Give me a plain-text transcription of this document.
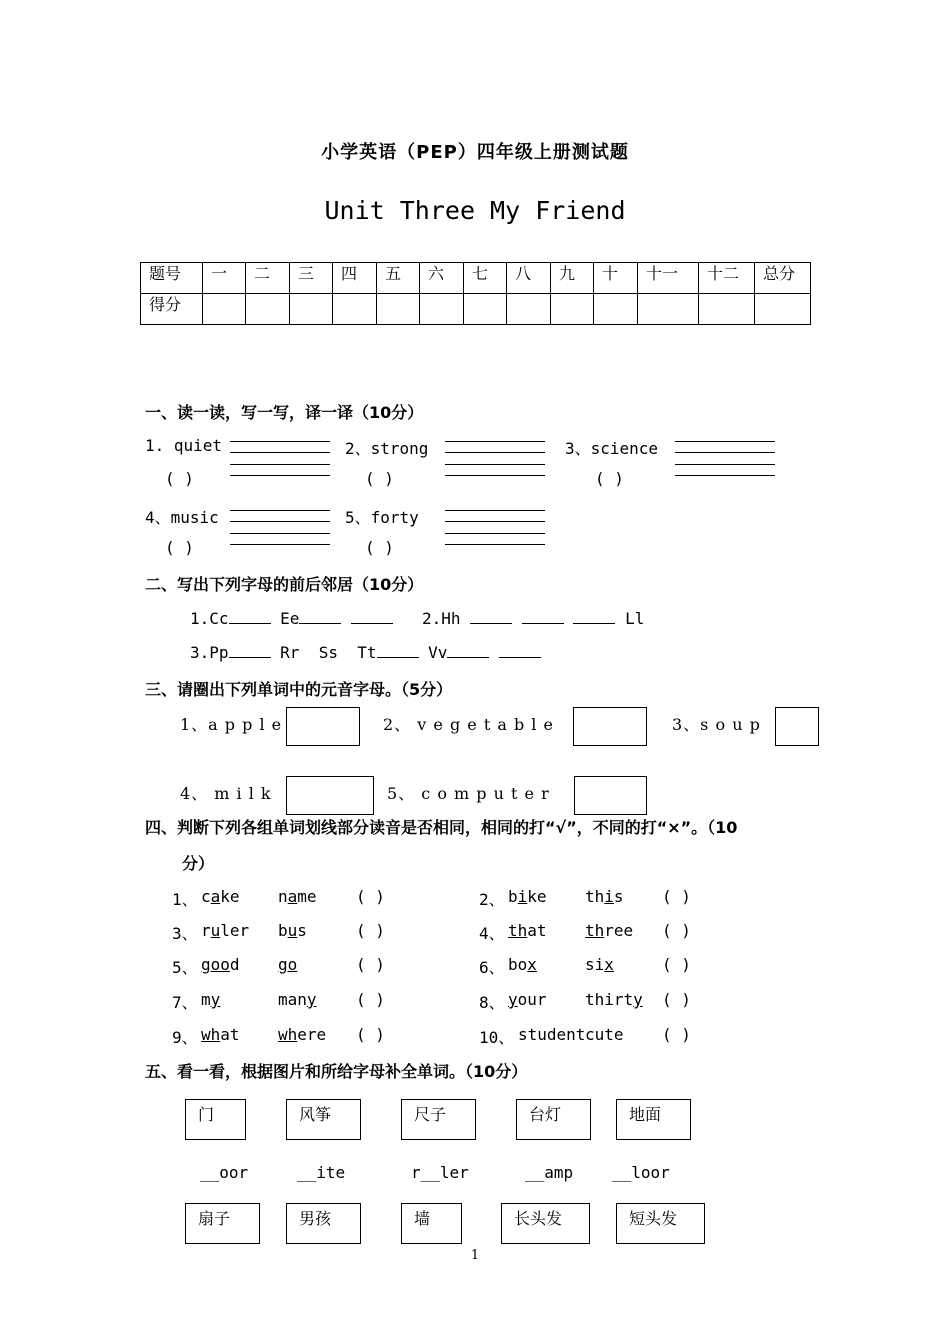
小学英语（PEP）四年级上册测试题
Unit Three My Friend
题号	一	二	三	四	五	六	七	八	九	十	十一	十二	总分
得分													
一、读一读，写一写，译一译（10分）
1. quiet	2、strong	3、science
4、music	5、forty
( )	( )	( )
( )	( )
二、写出下列字母的前后邻居（10分）
1.Cc	Ee	2.Hh	Ll
3.Pp	Rr Ss Tt	Vv
三、请圈出下列单词中的元音字母。（5分）
1、a p p l e	2、 v e g e t a b l e	3、s o u p
4、 m i l k	5、 c o m p u t e r
四、判断下列各组单词划线部分读音是否相同，相同的打“√”，不同的打“×”。（10
分）
1、 cake name ( )
3、 ruler bus	( )
5、 good go	( )
7、 my	many ( )
9、 what where ( )
2、 bike this ( )
4、 that three ( )
6、 box	six	( )
8、 your thirty ( )
10、 student cute ( )
五、看一看，根据图片和所给字母补全单词。（10分）
门	风筝	尺子	台灯	地面
__oor	__ite	r__ler	__amp __loor
扇子	男孩	墙	长头发	短头发
1
